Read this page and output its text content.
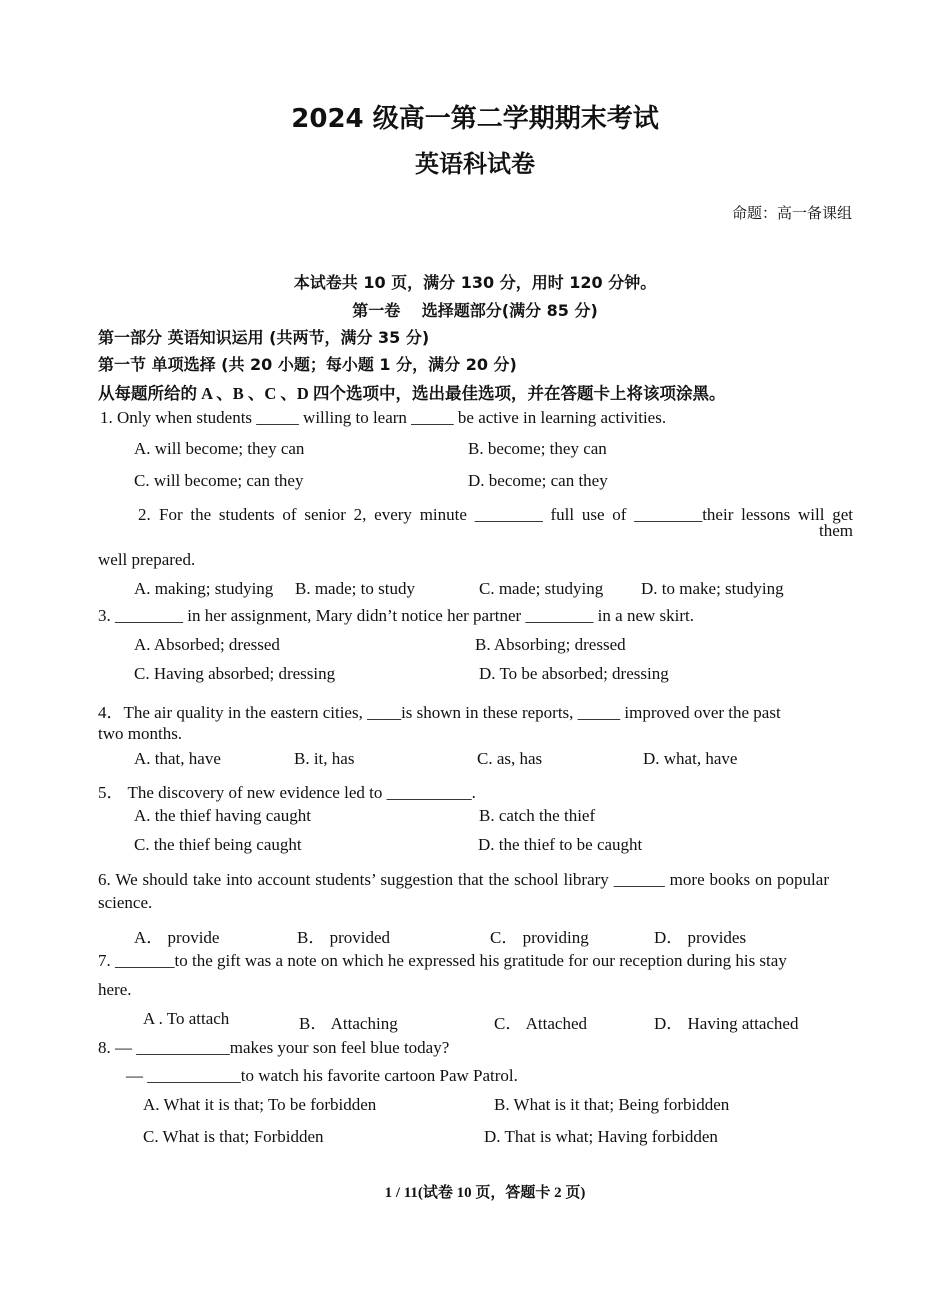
2024 级高一第二学期期末考试
英语科试卷
命题：高一备课组
本试卷共 10 页，满分 130 分，用时 120 分钟。
第一卷　 选择题部分(满分 85 分)
第一部分 英语知识运用 (共两节，满分 35 分)
第一节 单项选择 (共 20 小题；每小题 1 分，满分 20 分)
从每题所给的 A 、B 、C 、D 四个选项中，选出最佳选项，并在答题卡上将该项涂黑。
1. Only when students _____ willing to learn _____ be active in learning activities.
A. will become; they can	B. become; they can
C. will become; can they	D. become; can they
2. For the students of senior 2, every minute ________ full use of ________their lessons will get
them
well prepared.
A. making; studying B. made; to study	C. made; studying D. to make; studying
3. ________ in her assignment, Mary didn’t notice her partner ________ in a new skirt.
A. Absorbed; dressed	B. Absorbing; dressed
C. Having absorbed; dressing	D. To be absorbed; dressing
4．The air quality in the eastern cities, ____is shown in these reports, _____ improved over the past
two months.
A. that, have	B. it, has	C. as, has	D. what, have
5． The discovery of new evidence led to __________.
A. the thief having caught	B. catch the thief
C. the thief being caught	D. the thief to be caught
6. We should take into account students’ suggestion that the school library ______ more books on popular science.
A． provide	B． provided	C． providing	D． provides
7. _______to the gift was a note on which he expressed his gratitude for our reception during his stay
here.
A . To attach	B． Attaching	C． Attached	D． Having attached
8. — ___________makes your son feel blue today?
— ___________to watch his favorite cartoon Paw Patrol.
A. What it is that; To be forbidden	B. What is it that; Being forbidden
C. What is that; Forbidden	D. That is what; Having forbidden
1 / 11(试卷 10 页，答题卡 2 页)
